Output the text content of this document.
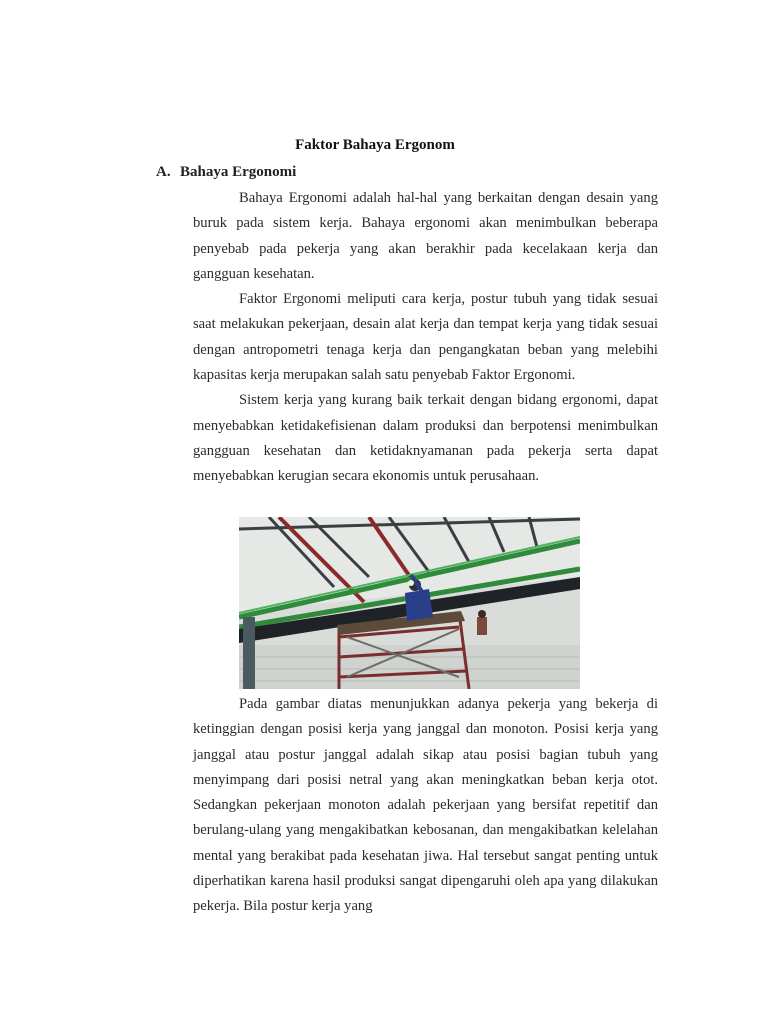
Faktor Bahaya Ergonom
A. Bahaya Ergonomi

Bahaya Ergonomi adalah hal-hal yang berkaitan dengan desain yang buruk pada sistem kerja. Bahaya ergonomi akan menimbulkan beberapa penyebab pada pekerja yang akan berakhir pada kecelakaan kerja dan gangguan kesehatan.

Faktor Ergonomi meliputi cara kerja, postur tubuh yang tidak sesuai saat melakukan pekerjaan, desain alat kerja dan tempat kerja yang tidak sesuai dengan antropometri tenaga kerja dan pengangkatan beban yang melebihi kapasitas kerja merupakan salah satu penyebab Faktor Ergonomi.

Sistem kerja yang kurang baik terkait dengan bidang ergonomi, dapat menyebabkan ketidakefisienan dalam produksi dan berpotensi menimbulkan gangguan kesehatan dan ketidaknyamanan pada pekerja serta dapat menyebabkan kerugian secara ekonomis untuk perusahaan.

Pada gambar diatas menunjukkan adanya pekerja yang bekerja di ketinggian dengan posisi kerja yang janggal dan monoton. Posisi kerja yang janggal atau postur janggal adalah sikap atau posisi bagian tubuh yang menyimpang dari posisi netral yang akan meningkatkan beban kerja otot. Sedangkan pekerjaan monoton adalah pekerjaan yang bersifat repetitif dan berulang-ulang yang mengakibatkan kebosanan, dan mengakibatkan kelelahan mental yang berakibat pada kesehatan jiwa. Hal tersebut sangat penting untuk diperhatikan karena hasil produksi sangat dipengaruhi oleh apa yang dilakukan pekerja. Bila postur kerja yang
